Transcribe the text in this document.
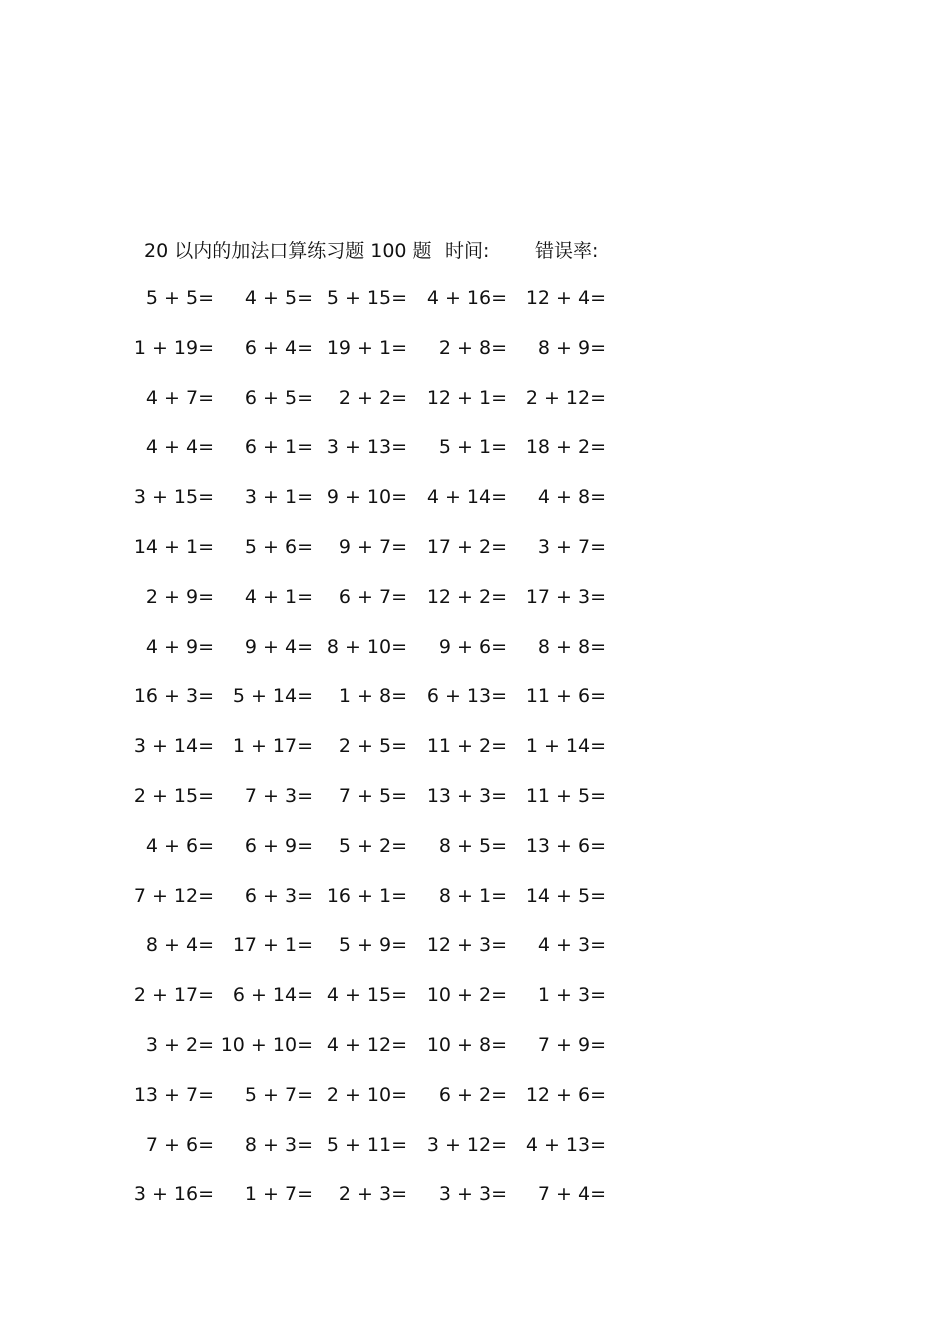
20 以内的加法口算练习题 100 题 时间: 错误率:
5 + 5= 4 + 5= 5 + 15= 4 + 16= 12 + 4=
1 + 19= 6 + 4= 19 + 1= 2 + 8= 8 + 9=
4 + 7= 6 + 5= 2 + 2= 12 + 1= 2 + 12=
4 + 4= 6 + 1= 3 + 13= 5 + 1= 18 + 2=
3 + 15= 3 + 1= 9 + 10= 4 + 14= 4 + 8=
14 + 1= 5 + 6= 9 + 7= 17 + 2= 3 + 7=
2 + 9= 4 + 1= 6 + 7= 12 + 2= 17 + 3=
4 + 9= 9 + 4= 8 + 10= 9 + 6= 8 + 8=
16 + 3= 5 + 14= 1 + 8= 6 + 13= 11 + 6=
3 + 14= 1 + 17= 2 + 5= 11 + 2= 1 + 14=
2 + 15= 7 + 3= 7 + 5= 13 + 3= 11 + 5=
4 + 6= 6 + 9= 5 + 2= 8 + 5= 13 + 6=
7 + 12= 6 + 3= 16 + 1= 8 + 1= 14 + 5=
8 + 4= 17 + 1= 5 + 9= 12 + 3= 4 + 3=
2 + 17= 6 + 14= 4 + 15= 10 + 2= 1 + 3=
3 + 2= 10 + 10= 4 + 12= 10 + 8= 7 + 9=
13 + 7= 5 + 7= 2 + 10= 6 + 2= 12 + 6=
7 + 6= 8 + 3= 5 + 11= 3 + 12= 4 + 13=
3 + 16= 1 + 7= 2 + 3= 3 + 3= 7 + 4=
